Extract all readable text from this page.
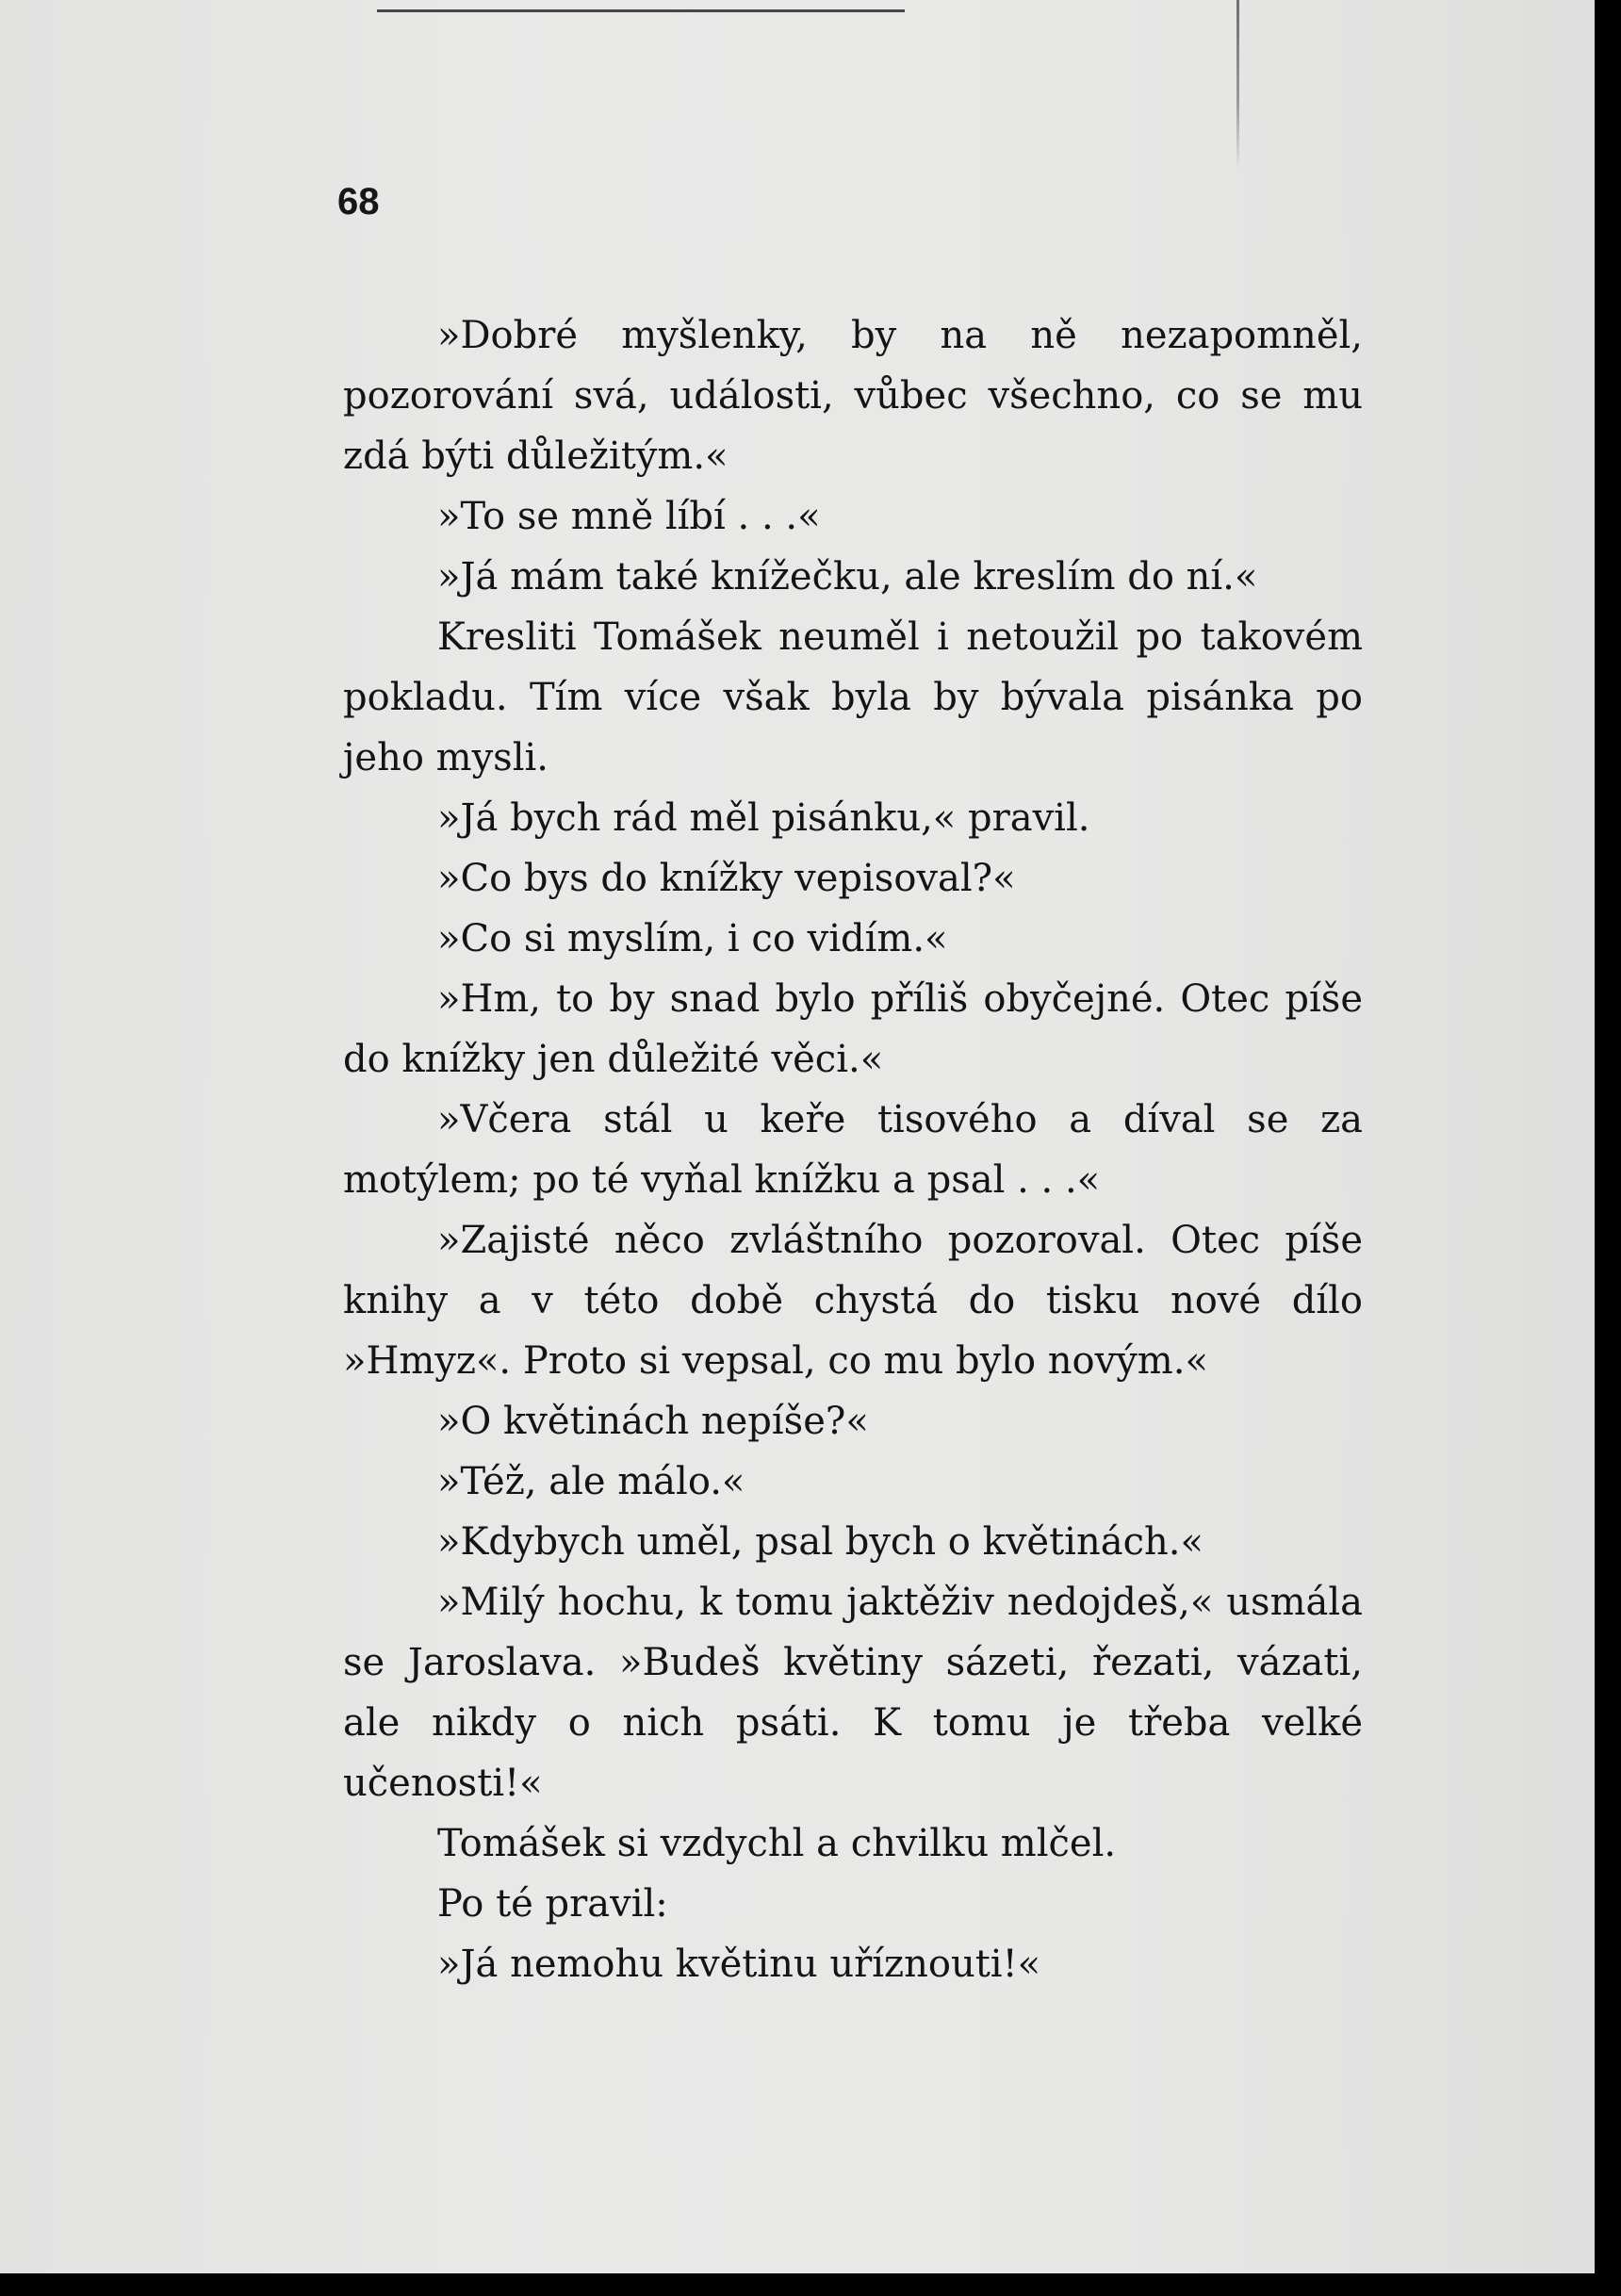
68

»Dobré myšlenky, by na ně nezapomněl, pozorování svá, události, vůbec všechno, co se mu zdá býti důležitým.«

»To se mně líbí . . .«

»Já mám také knížečku, ale kreslím do ní.«

Kresliti Tomášek neuměl i netoužil po takovém pokladu. Tím více však byla by bývala pisánka po jeho mysli.

»Já bych rád měl pisánku,« pravil.

»Co bys do knížky vepisoval?«

»Co si myslím, i co vidím.«

»Hm, to by snad bylo příliš obyčejné. Otec píše do knížky jen důležité věci.«

»Včera stál u keře tisového a díval se za motýlem; po té vyňal knížku a psal . . .«

»Zajisté něco zvláštního pozoroval. Otec píše knihy a v této době chystá do tisku nové dílo »Hmyz«. Proto si vepsal, co mu bylo novým.«

»O květinách nepíše?«

»Též, ale málo.«

»Kdybych uměl, psal bych o květinách.«

»Milý hochu, k tomu jaktěživ nedojdeš,« usmála se Jaroslava. »Budeš květiny sázeti, řezati, vázati, ale nikdy o nich psáti. K tomu je třeba velké učenosti!«

Tomášek si vzdychl a chvilku mlčel.

Po té pravil:

»Já nemohu květinu uříznouti!«
